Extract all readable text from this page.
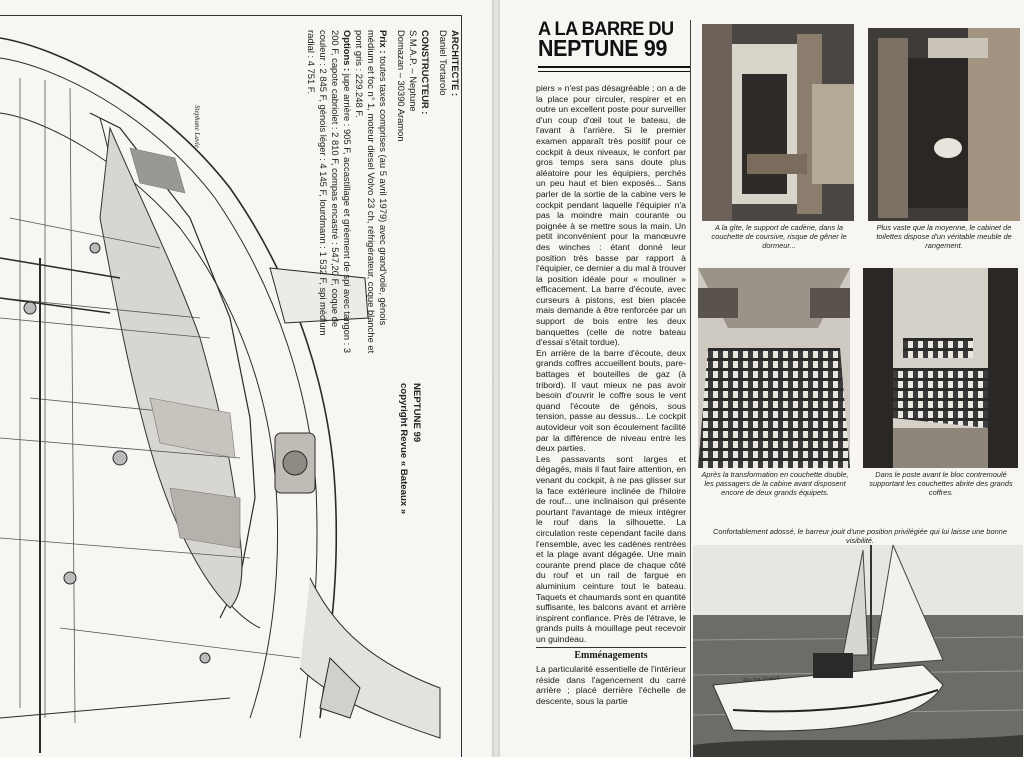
ARCHITECTE :
Daniel Tortarolo
CONSTRUCTEUR :
S.M.A.P. – Neptune
Domazan – 30390 Aramon
Prix : toutes taxes comprises (au 5 avril 1979) avec grand'voile, génois médium et foc n° 1, moteur diesel Volvo 23 ch, réfrigérateur, coque blanche et pont gris : 229.248 F.
Options : jupe arrière : 905 F, accastillage et gréement de spi avec tangon : 3 200 F, capote cabriolet : 2 810 F, compas encastré : 547,20 F, coque de couleur : 2 845 F, génois léger : 4 145 F, lourdmann : 1 532 F, spi médium radial : 4 751 F.
NEPTUNE 99
copyright Revue « Bateaux »
Stephane Lavie
A LA BARRE DU
NEPTUNE 99

piers » n'est pas désagréable ; on a de la place pour circuler, respirer et en outre un excellent poste pour surveiller d'un coup d'œil tout le bateau, de l'avant à l'arrière. Si le premier examen apparaît très positif pour ce cockpit à deux niveaux, le confort par gros temps sera sans doute plus aléatoire pour les équipiers, perchés un peu haut et bien exposés... Sans parler de la sortie de la cabine vers le cockpit pendant laquelle l'équipier n'a pas la moindre main courante ou poignée à se mettre sous la main. Un petit inconvénient pour la manœuvre des winches : étant donné leur position très basse par rapport à l'équipier, ce dernier a du mal à trouver la position idéale pour « mouliner » efficacement. La barre d'écoute, avec curseurs à pistons, est bien placée mais demande à être renforcée par un support de bois entre les deux banquettes (celle de notre bateau d'essai s'était tordue).

En arrière de la barre d'écoute, deux grands coffres accueillent bouts, pare-battages et bouteilles de gaz (à tribord). Il vaut mieux ne pas avoir besoin d'ouvrir le coffre sous le vent quand l'écoute de génois, sous tension, passe au dessus... Le cockpit autovideur voit son écoulement facilité par la différence de niveau entre les deux parties.

Les passavants sont larges et dégagés, mais il faut faire attention, en venant du cockpit, à ne pas glisser sur la face extérieure inclinée de l'hiloire de rouf... une inclinaison qui présente pourtant l'avantage de mieux intégrer le rouf dans la silhouette. La circulation reste cependant facile dans l'ensemble, avec les cadènes rentrées et la plage avant dégagée. Une main courante prend place de chaque côté du rouf et un rail de fargue en aluminium ceinture tout le bateau. Taquets et chaumards sont en quantité suffisante, les balcons avant et arrière inspirent confiance. Près de l'étrave, le grands puits à mouillage peut recevoir un guindeau.

Emménagements

La particularité essentielle de l'intérieur réside dans l'agencement du carré arrière ; placé derrière l'échelle de descente, sous la partie

A la gîte, le support de cadène, dans la couchette de coursive, risque de gêner le dormeur...
Plus vaste que la moyenne, le cabinet de toilettes dispose d'un véritable meuble de rangement.
Après la transformation en couchette double, les passagers de la cabine avant disposent encore de deux grands équipets.
Dans le poste avant le bloc contremoulé supportant les couchettes abrite des grands coffres.
Confortablement adossé, le barreur jouit d'une position privilégiée qui lui laisse une bonne visibilité.
Racha d'oeuil
